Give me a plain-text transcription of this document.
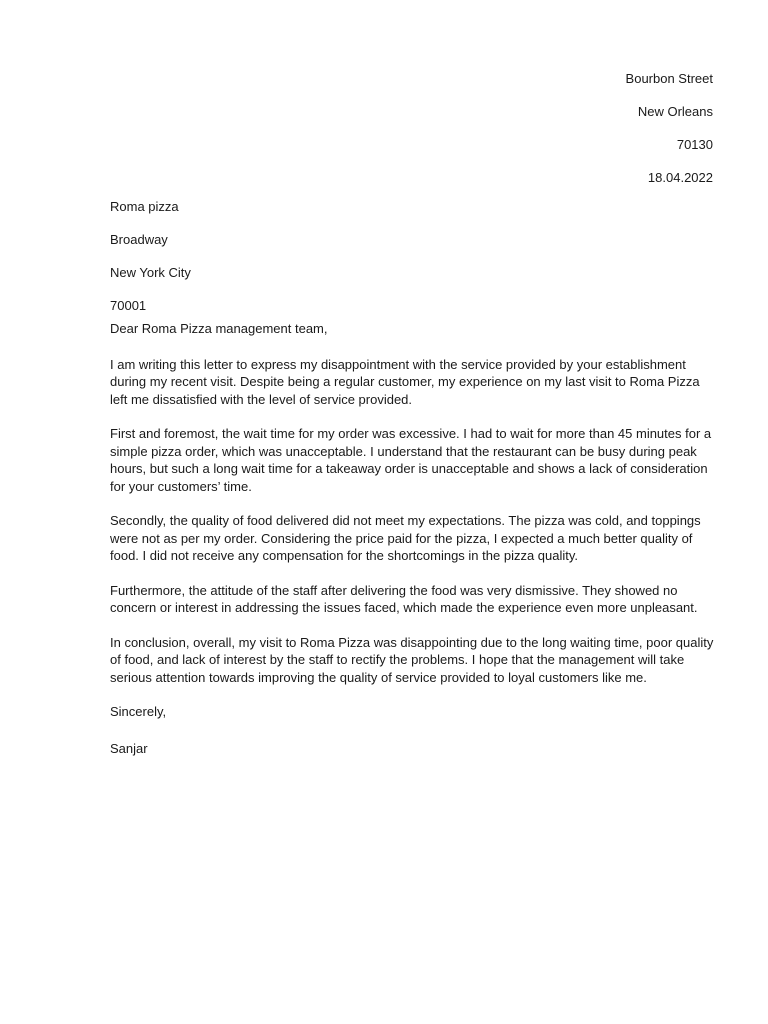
Bourbon Street
New Orleans
70130
18.04.2022
Roma pizza
Broadway
New York City
70001
Dear Roma Pizza management team,

I am writing this letter to express my disappointment with the service provided by your establishment during my recent visit. Despite being a regular customer, my experience on my last visit to Roma Pizza left me dissatisfied with the level of service provided.

First and foremost, the wait time for my order was excessive. I had to wait for more than 45 minutes for a simple pizza order, which was unacceptable. I understand that the restaurant can be busy during peak hours, but such a long wait time for a takeaway order is unacceptable and shows a lack of consideration for your customers’ time.

Secondly, the quality of food delivered did not meet my expectations. The pizza was cold, and toppings were not as per my order. Considering the price paid for the pizza, I expected a much better quality of food. I did not receive any compensation for the shortcomings in the pizza quality.

Furthermore, the attitude of the staff after delivering the food was very dismissive. They showed no concern or interest in addressing the issues faced, which made the experience even more unpleasant.

In conclusion, overall, my visit to Roma Pizza was disappointing due to the long waiting time, poor quality of food, and lack of interest by the staff to rectify the problems. I hope that the management will take serious attention towards improving the quality of service provided to loyal customers like me.

Sincerely,
Sanjar
